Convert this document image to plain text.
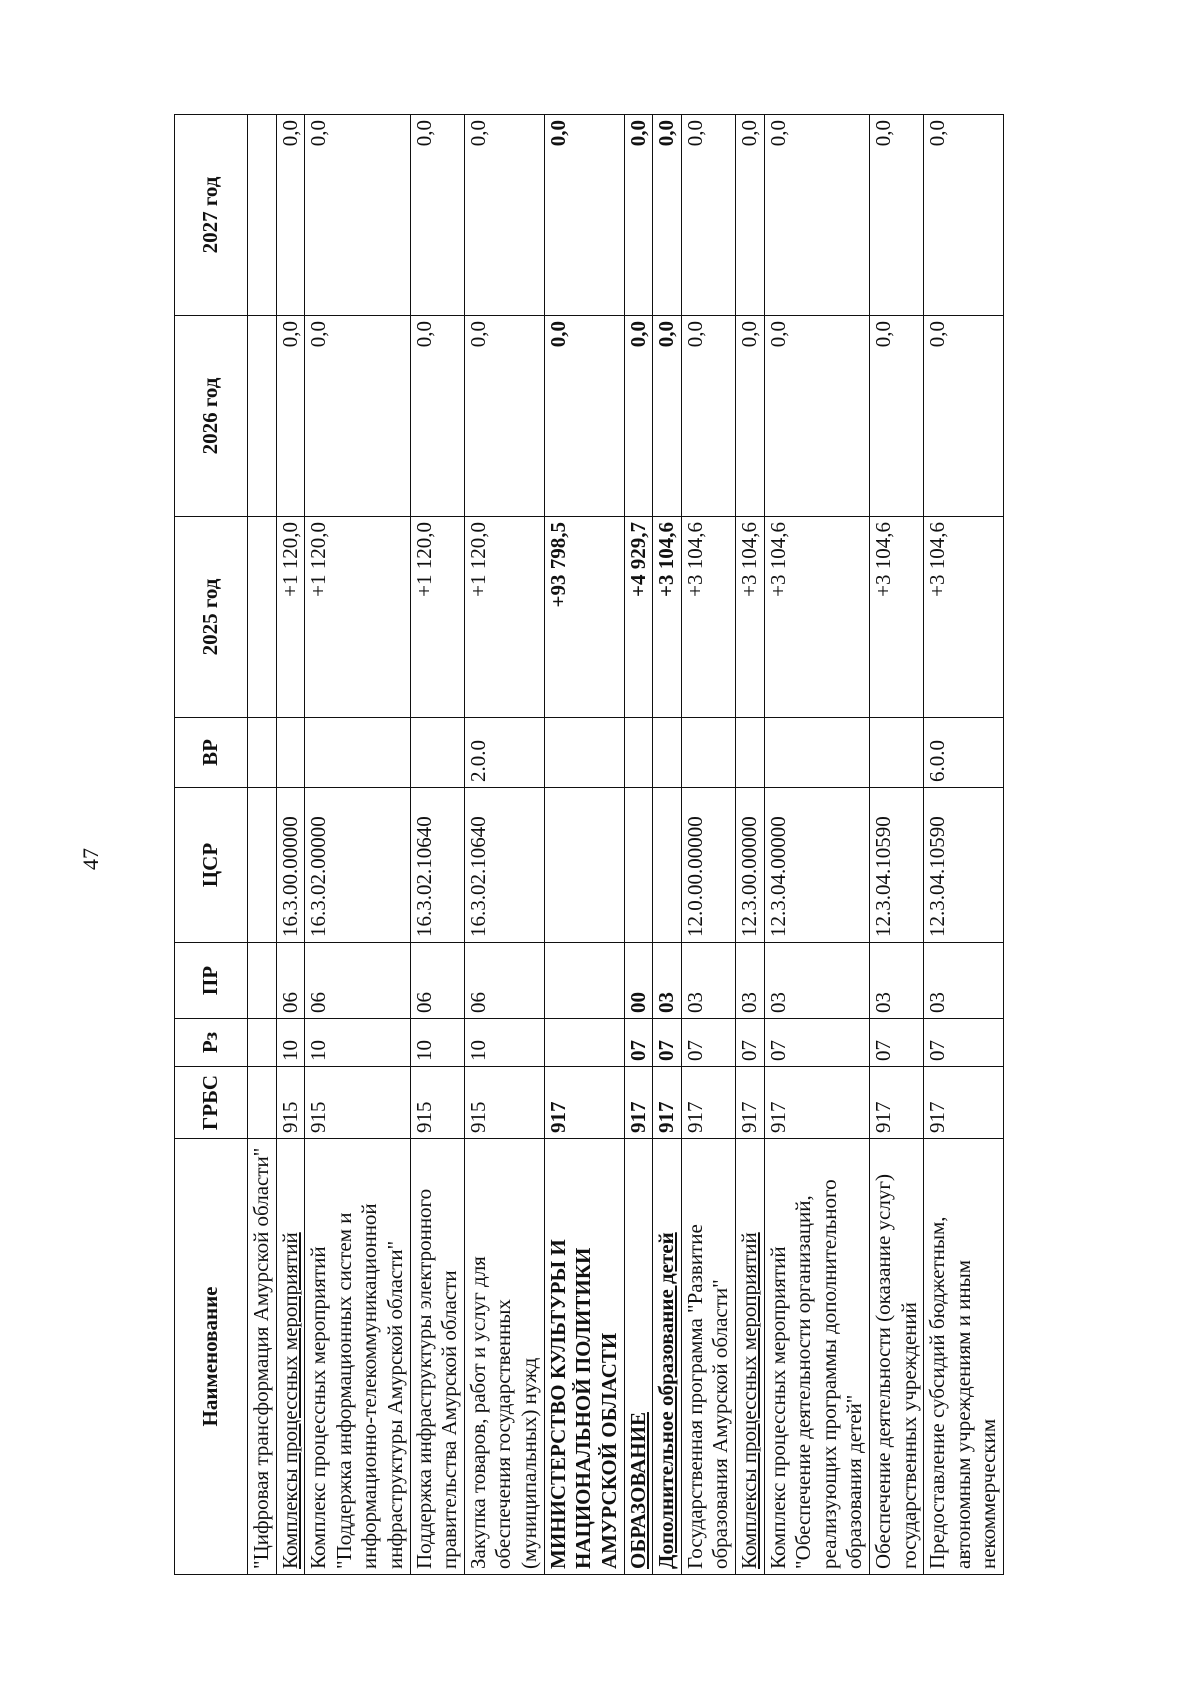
47
Наименование	ГРБС	Рз	ПР	ЦСР	ВР	2025 год	2026 год	2027 год
"Цифровая трансформация Амурской области"								
Комплексы процессных мероприятий	915	10	06	16.3.00.00000		+1 120,0	0,0	0,0
Комплекс процессных мероприятий "Поддержка информационных систем и информационно-телекоммуникационной инфраструктуры Амурской области"	915	10	06	16.3.02.00000		+1 120,0	0,0	0,0
Поддержка инфраструктуры электронного правительства Амурской области	915	10	06	16.3.02.10640		+1 120,0	0,0	0,0
Закупка товаров, работ и услуг для обеспечения государственных (муниципальных) нужд	915	10	06	16.3.02.10640	2.0.0	+1 120,0	0,0	0,0
МИНИСТЕРСТВО КУЛЬТУРЫ И НАЦИОНАЛЬНОЙ ПОЛИТИКИ АМУРСКОЙ ОБЛАСТИ	917					+93 798,5	0,0	0,0
ОБРАЗОВАНИЕ	917	07	00			+4 929,7	0,0	0,0
Дополнительное образование детей	917	07	03			+3 104,6	0,0	0,0
Государственная программа "Развитие образования Амурской области"	917	07	03	12.0.00.00000		+3 104,6	0,0	0,0
Комплексы процессных мероприятий	917	07	03	12.3.00.00000		+3 104,6	0,0	0,0
Комплекс процессных мероприятий "Обеспечение деятельности организаций, реализующих программы дополнительного образования детей"	917	07	03	12.3.04.00000		+3 104,6	0,0	0,0
Обеспечение деятельности (оказание услуг) государственных учреждений	917	07	03	12.3.04.10590		+3 104,6	0,0	0,0
Предоставление субсидий бюджетным, автономным учреждениям и иным некоммерческим	917	07	03	12.3.04.10590	6.0.0	+3 104,6	0,0	0,0
